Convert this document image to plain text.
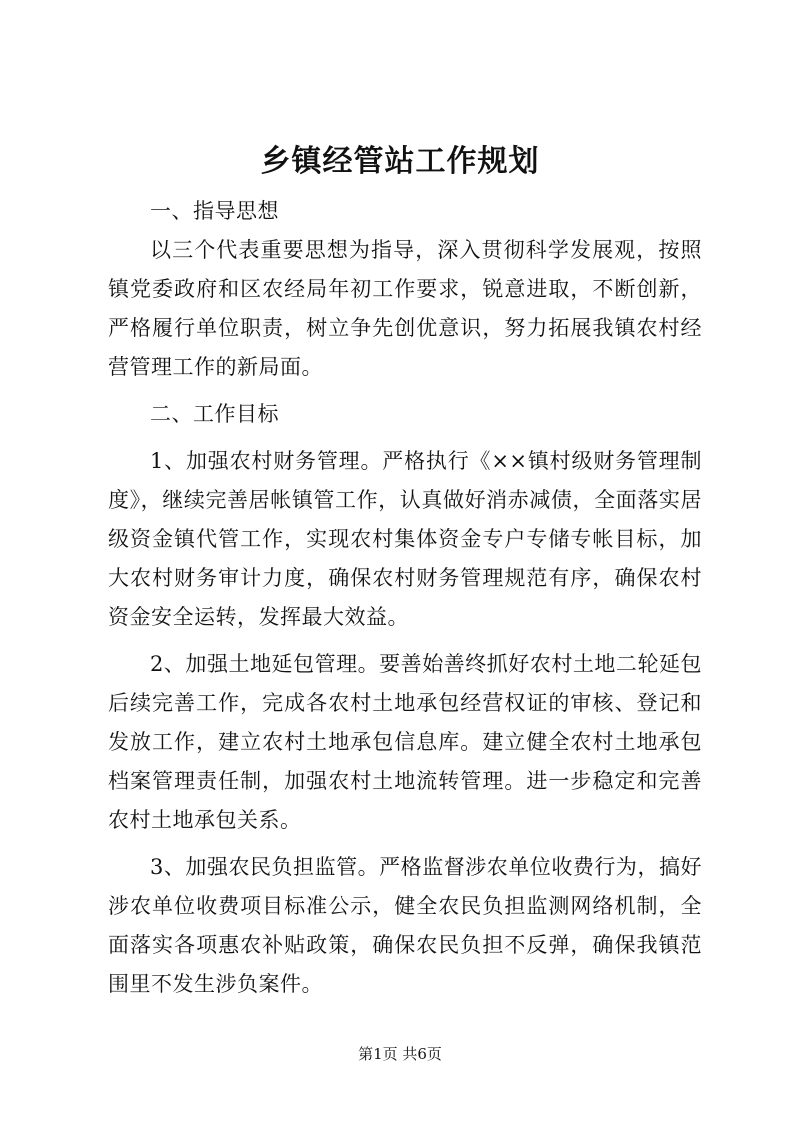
乡镇经管站工作规划

一、指导思想

以三个代表重要思想为指导，深入贯彻科学发展观，按照镇党委政府和区农经局年初工作要求，锐意进取，不断创新，严格履行单位职责，树立争先创优意识，努力拓展我镇农村经营管理工作的新局面。

二、工作目标

1、加强农村财务管理。严格执行《××镇村级财务管理制度》，继续完善居帐镇管工作，认真做好消赤减债，全面落实居级资金镇代管工作，实现农村集体资金专户专储专帐目标，加大农村财务审计力度，确保农村财务管理规范有序，确保农村资金安全运转，发挥最大效益。

2、加强土地延包管理。要善始善终抓好农村土地二轮延包后续完善工作，完成各农村土地承包经营权证的审核、登记和发放工作，建立农村土地承包信息库。建立健全农村土地承包档案管理责任制，加强农村土地流转管理。进一步稳定和完善农村土地承包关系。

3、加强农民负担监管。严格监督涉农单位收费行为，搞好涉农单位收费项目标准公示，健全农民负担监测网络机制，全面落实各项惠农补贴政策，确保农民负担不反弹，确保我镇范围里不发生涉负案件。

第1页 共6页
